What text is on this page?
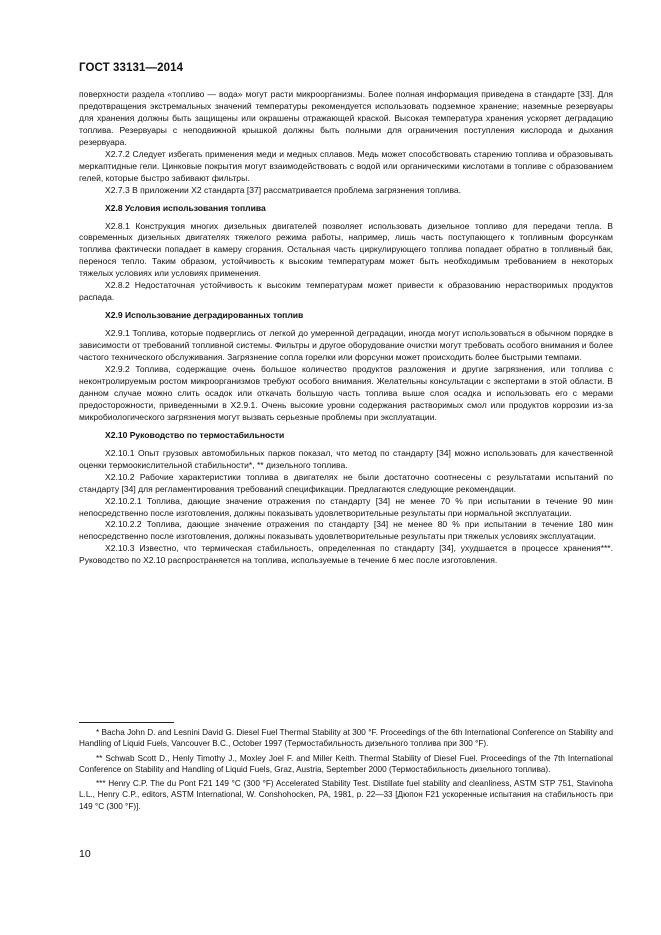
ГОСТ 33131—2014

поверхности раздела «топливо — вода» могут расти микроорганизмы. Более полная информация приведена в стандарте [33]. Для предотвращения экстремальных значений температуры рекомендуется использовать подземное хранение; наземные резервуары для хранения должны быть защищены или окрашены отражающей краской. Высокая температура хранения ускоряет деградацию топлива. Резервуары с неподвижной крышкой должны быть полными для ограничения поступления кислорода и дыхания резервуара.

X2.7.2 Следует избегать применения меди и медных сплавов. Медь может способствовать старению топлива и образовывать меркаптидные гели. Цинковые покрытия могут взаимодействовать с водой или органическими кислотами в топливе с образованием гелей, которые быстро забивают фильтры.

X2.7.3 В приложении X2 стандарта [37] рассматривается проблема загрязнения топлива.

X2.8 Условия использования топлива

X2.8.1 Конструкция многих дизельных двигателей позволяет использовать дизельное топливо для передачи тепла. В современных дизельных двигателях тяжелого режима работы, например, лишь часть поступающего к топливным форсункам топлива фактически попадает в камеру сгорания. Остальная часть циркулирующего топлива попадает обратно в топливный бак, перенося тепло. Таким образом, устойчивость к высоким температурам может быть необходимым требованием в некоторых тяжелых условиях или условиях применения.

X2.8.2 Недостаточная устойчивость к высоким температурам может привести к образованию нерастворимых продуктов распада.

X2.9 Использование деградированных топлив

X2.9.1 Топлива, которые подверглись от легкой до умеренной деградации, иногда могут использоваться в обычном порядке в зависимости от требований топливной системы. Фильтры и другое оборудование очистки могут требовать особого внимания и более частого технического обслуживания. Загрязнение сопла горелки или форсунки может происходить более быстрыми темпами.

X2.9.2 Топлива, содержащие очень большое количество продуктов разложения и другие загрязнения, или топлива с неконтролируемым ростом микроорганизмов требуют особого внимания. Желательны консультации с экспертами в этой области. В данном случае можно слить осадок или откачать большую часть топлива выше слоя осадка и использовать его с мерами предосторожности, приведенными в X2.9.1. Очень высокие уровни содержания растворимых смол или продуктов коррозии из-за микробиологического загрязнения могут вызвать серьезные проблемы при эксплуатации.

X2.10 Руководство по термостабильности

X2.10.1 Опыт грузовых автомобильных парков показал, что метод по стандарту [34] можно использовать для качественной оценки термоокислительной стабильности*, ** дизельного топлива.

X2.10.2 Рабочие характеристики топлива в двигателях не были достаточно соотнесены с результатами испытаний по стандарту [34] для регламентирования требований спецификации. Предлагаются следующие рекомендации.

X2.10.2.1 Топлива, дающие значение отражения по стандарту [34] не менее 70 % при испытании в течение 90 мин непосредственно после изготовления, должны показывать удовлетворительные результаты при нормальной эксплуатации.

X2.10.2.2 Топлива, дающие значение отражения по стандарту [34] не менее 80 % при испытании в течение 180 мин непосредственно после изготовления, должны показывать удовлетворительные результаты при тяжелых условиях эксплуатации.

X2.10.3 Известно, что термическая стабильность, определенная по стандарту [34], ухудшается в процессе хранения***. Руководство по X2.10 распространяется на топлива, используемые в течение 6 мес после изготовления.

* Bacha John D. and Lesnini David G. Diesel Fuel Thermal Stability at 300 °F. Proceedings of the 6th International Conference on Stability and Handling of Liquid Fuels, Vancouver B.C., October 1997 (Термостабильность дизельного топлива при 300 °F).

** Schwab Scott D., Henly Timothy J., Moxley Joel F. and Miller Keith. Thermal Stability of Diesel Fuel. Proceedings of the 7th International Conference on Stability and Handling of Liquid Fuels, Graz, Austria, September 2000 (Термостабильность дизельного топлива).

*** Henry C.P. The du Pont F21 149 °C (300 °F) Accelerated Stability Test. Distillate fuel stability and cleanliness, ASTM STP 751, Stavinoha L.L., Henry C.P., editors, ASTM International, W. Conshohocken, PA, 1981, p. 22—33 [Дюпон F21 ускоренные испытания на стабильность при 149 °C (300 °F)].

10
